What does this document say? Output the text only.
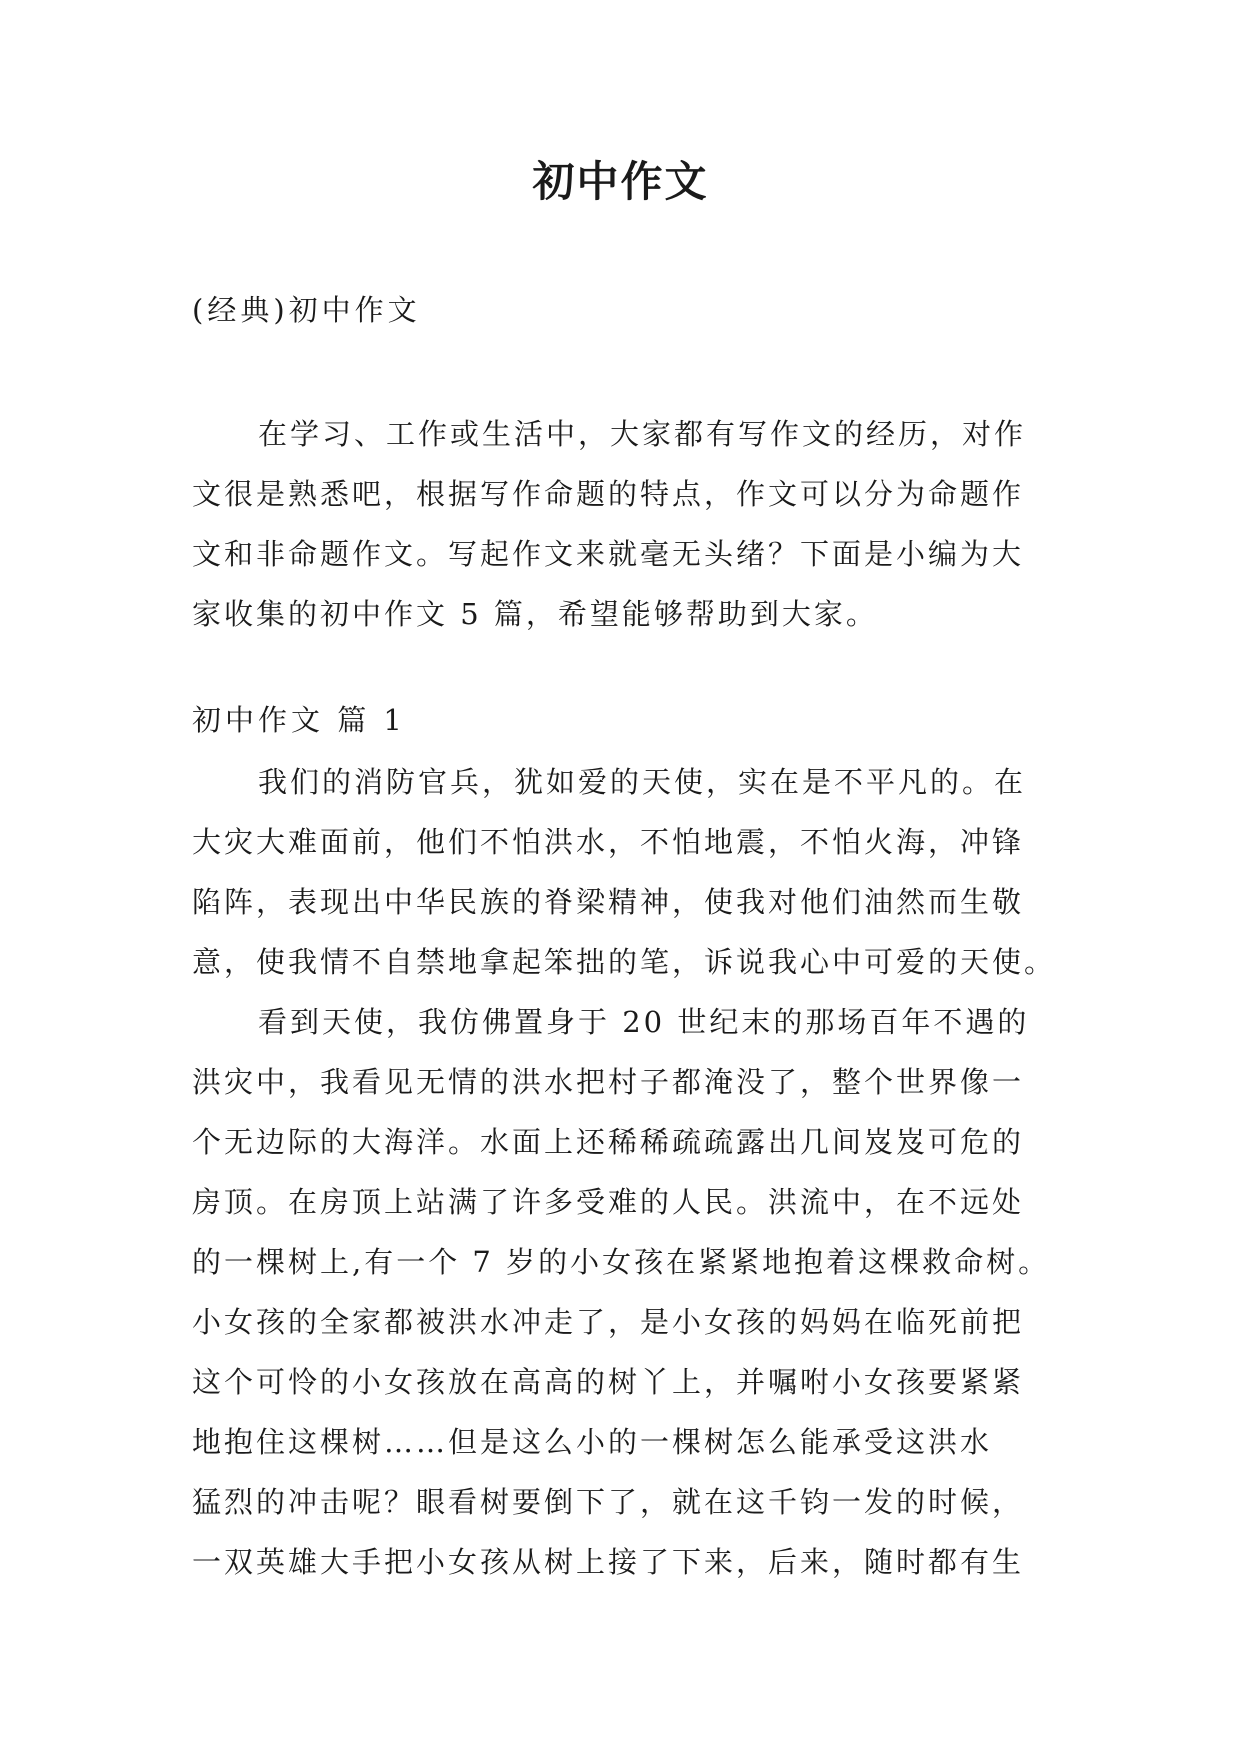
初中作文
(经典)初中作文
在学习、工作或生活中，大家都有写作文的经历，对作
文很是熟悉吧，根据写作命题的特点，作文可以分为命题作
文和非命题作文。写起作文来就毫无头绪？下面是小编为大
家收集的初中作文 5 篇，希望能够帮助到大家。
初中作文 篇 1
我们的消防官兵，犹如爱的天使，实在是不平凡的。在
大灾大难面前，他们不怕洪水，不怕地震，不怕火海，冲锋
陷阵，表现出中华民族的脊梁精神，使我对他们油然而生敬
意，使我情不自禁地拿起笨拙的笔，诉说我心中可爱的天使。
看到天使，我仿佛置身于 20 世纪末的那场百年不遇的
洪灾中，我看见无情的洪水把村子都淹没了，整个世界像一
个无边际的大海洋。水面上还稀稀疏疏露出几间岌岌可危的
房顶。在房顶上站满了许多受难的人民。洪流中，在不远处
的一棵树上,有一个 7 岁的小女孩在紧紧地抱着这棵救命树。
小女孩的全家都被洪水冲走了，是小女孩的妈妈在临死前把
这个可怜的小女孩放在高高的树丫上，并嘱咐小女孩要紧紧
地抱住这棵树……但是这么小的一棵树怎么能承受这洪水
猛烈的冲击呢？眼看树要倒下了，就在这千钧一发的时候，
一双英雄大手把小女孩从树上接了下来，后来，随时都有生
